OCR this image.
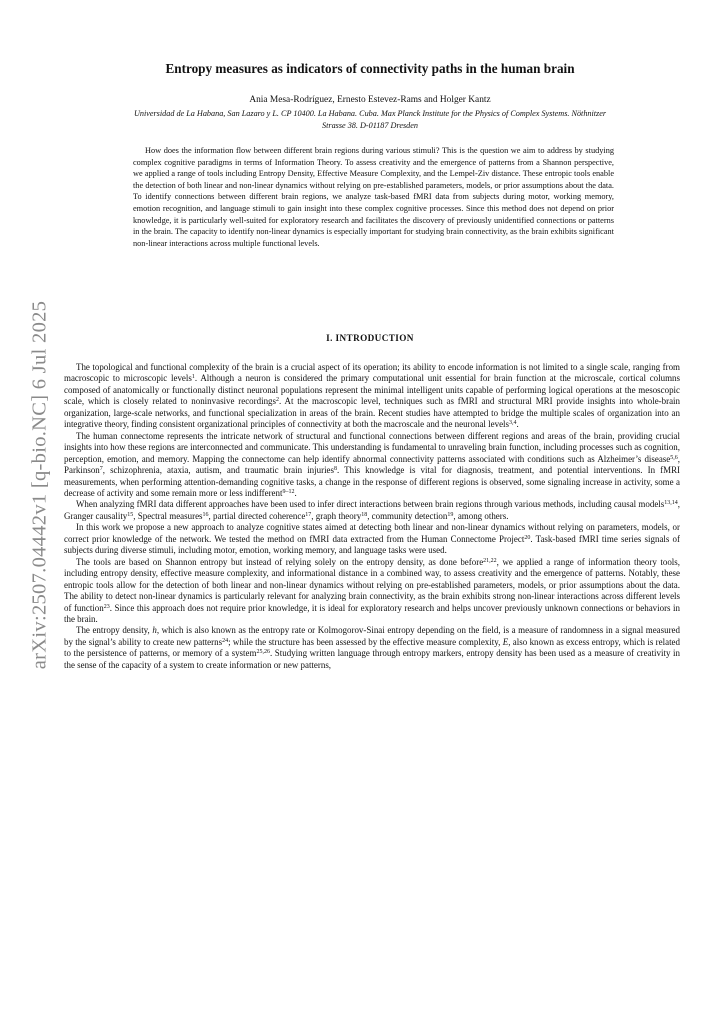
arXiv:2507.04442v1 [q-bio.NC] 6 Jul 2025
Entropy measures as indicators of connectivity paths in the human brain

Ania Mesa-Rodríguez, Ernesto Estevez-Rams and Holger Kantz

Universidad de La Habana, San Lazaro y L. CP 10400. La Habana. Cuba. Max Planck Institute for the Physics of Complex Systems. Nöthnitzer Strasse 38. D-01187 Dresden

How does the information flow between different brain regions during various stimuli? This is the question we aim to address by studying complex cognitive paradigms in terms of Information Theory. To assess creativity and the emergence of patterns from a Shannon perspective, we applied a range of tools including Entropy Density, Effective Measure Complexity, and the Lempel-Ziv distance. These entropic tools enable the detection of both linear and non-linear dynamics without relying on pre-established parameters, models, or prior assumptions about the data. To identify connections between different brain regions, we analyze task-based fMRI data from subjects during motor, working memory, emotion recognition, and language stimuli to gain insight into these complex cognitive processes. Since this method does not depend on prior knowledge, it is particularly well-suited for exploratory research and facilitates the discovery of previously unidentified connections or patterns in the brain. The capacity to identify non-linear dynamics is especially important for studying brain connectivity, as the brain exhibits significant non-linear interactions across multiple functional levels.

I. INTRODUCTION

The topological and functional complexity of the brain is a crucial aspect of its operation; its ability to encode information is not limited to a single scale, ranging from macroscopic to microscopic levels$^1$. Although a neuron is considered the primary computational unit essential for brain function at the microscale, cortical columns composed of anatomically or functionally distinct neuronal populations represent the minimal intelligent units capable of performing logical operations at the mesoscopic scale, which is closely related to noninvasive recordings$^2$. At the macroscopic level, techniques such as fMRI and structural MRI provide insights into whole-brain organization, large-scale networks, and functional specialization in areas of the brain. Recent studies have attempted to bridge the multiple scales of organization into an integrative theory, finding consistent organizational principles of connectivity at both the macroscale and the neuronal levels$^{3,4}$.

The human connectome represents the intricate network of structural and functional connections between different regions and areas of the brain, providing crucial insights into how these regions are interconnected and communicate. This understanding is fundamental to unraveling brain function, including processes such as cognition, perception, emotion, and memory. Mapping the connectome can help identify abnormal connectivity patterns associated with conditions such as Alzheimer’s disease$^{5,6}$, Parkinson$^7$, schizophrenia, ataxia, autism, and traumatic brain injuries$^8$. This knowledge is vital for diagnosis, treatment, and potential interventions. In fMRI measurements, when performing attention-demanding cognitive tasks, a change in the response of different regions is observed, some signaling increase in activity, some a decrease of activity and some remain more or less indifferent$^{9-12}$.

When analyzing fMRI data different approaches have been used to infer direct interactions between brain regions through various methods, including causal models$^{13,14}$, Granger causality$^{15}$, Spectral measures$^{16}$, partial directed coherence$^{17}$, graph theory$^{18}$, community detection$^{19}$, among others.

In this work we propose a new approach to analyze cognitive states aimed at detecting both linear and non-linear dynamics without relying on parameters, models, or correct prior knowledge of the network. We tested the method on fMRI data extracted from the Human Connectome Project$^{20}$. Task-based fMRI time series signals of subjects during diverse stimuli, including motor, emotion, working memory, and language tasks were used.

The tools are based on Shannon entropy but instead of relying solely on the entropy density, as done before$^{21,22}$, we applied a range of information theory tools, including entropy density, effective measure complexity, and informational distance in a combined way, to assess creativity and the emergence of patterns. Notably, these entropic tools allow for the detection of both linear and non-linear dynamics without relying on pre-established parameters, models, or prior assumptions about the data. The ability to detect non-linear dynamics is particularly relevant for analyzing brain connectivity, as the brain exhibits strong non-linear interactions across different levels of function$^{23}$. Since this approach does not require prior knowledge, it is ideal for exploratory research and helps uncover previously unknown connections or behaviors in the brain.

The entropy density, h, which is also known as the entropy rate or Kolmogorov-Sinai entropy depending on the field, is a measure of randomness in a signal measured by the signal’s ability to create new patterns$^{24}$; while the structure has been assessed by the effective measure complexity, E, also known as excess entropy, which is related to the persistence of patterns, or memory of a system$^{25,26}$. Studying written language through entropy markers, entropy density has been used as a measure of creativity in the sense of the capacity of a system to create information or new patterns,
